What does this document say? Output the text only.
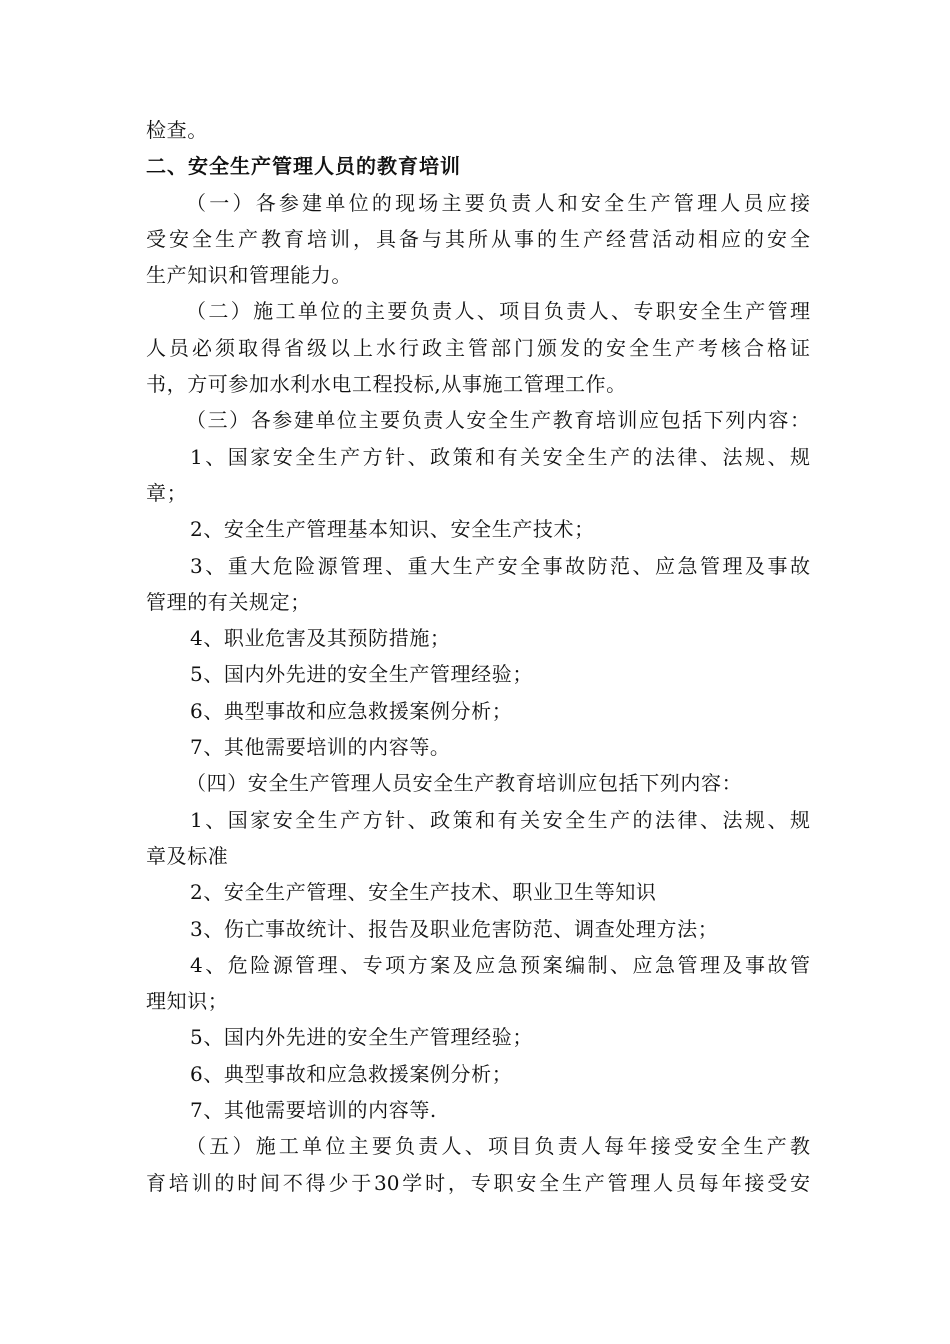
检查。
二、安全生产管理人员的教育培训
（一）各参建单位的现场主要负责人和安全生产管理人员应接
受安全生产教育培训，具备与其所从事的生产经营活动相应的安全
生产知识和管理能力。
（二）施工单位的主要负责人、项目负责人、专职安全生产管理
人员必须取得省级以上水行政主管部门颁发的安全生产考核合格证
书，方可参加水利水电工程投标,从事施工管理工作。
（三）各参建单位主要负责人安全生产教育培训应包括下列内容：
1、国家安全生产方针、政策和有关安全生产的法律、法规、规
章；
2、安全生产管理基本知识、安全生产技术；
3、重大危险源管理、重大生产安全事故防范、应急管理及事故
管理的有关规定；
4、职业危害及其预防措施；
5、国内外先进的安全生产管理经验；
6、典型事故和应急救援案例分析；
7、其他需要培训的内容等。
（四）安全生产管理人员安全生产教育培训应包括下列内容：
1、国家安全生产方针、政策和有关安全生产的法律、法规、规
章及标准
2、安全生产管理、安全生产技术、职业卫生等知识
3、伤亡事故统计、报告及职业危害防范、调查处理方法；
4、危险源管理、专项方案及应急预案编制、应急管理及事故管
理知识；
5、国内外先进的安全生产管理经验；
6、典型事故和应急救援案例分析；
7、其他需要培训的内容等.
（五）施工单位主要负责人、项目负责人每年接受安全生产教
育培训的时间不得少于30学时，专职安全生产管理人员每年接受安
